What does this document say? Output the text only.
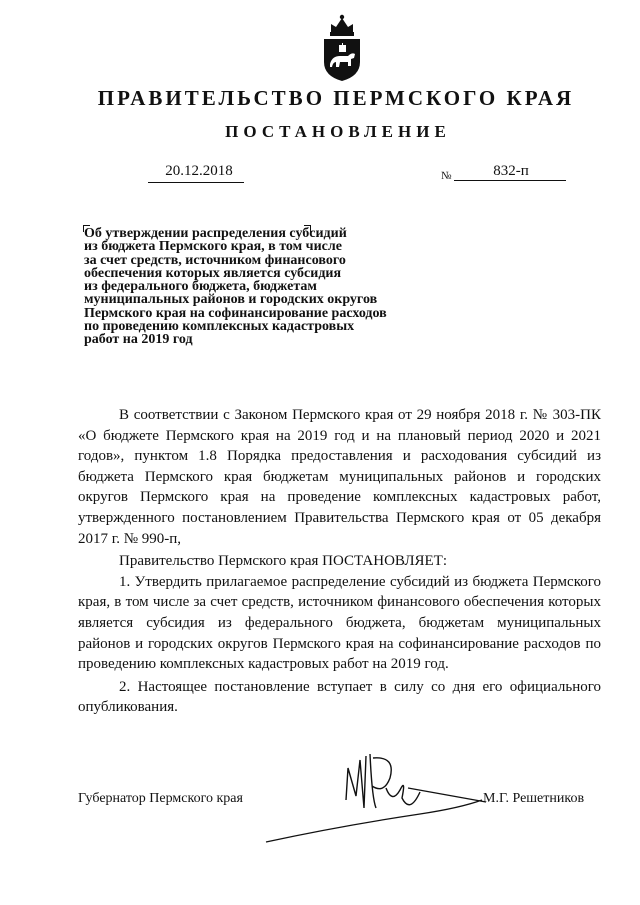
ПРАВИТЕЛЬСТВО ПЕРМСКОГО КРАЯ
ПОСТАНОВЛЕНИЕ
20.12.2018	№	832-п
Об утверждении распределения субсидий
из бюджета Пермского края, в том числе
за счет средств, источником финансового
обеспечения которых является субсидия
из федерального бюджета, бюджетам
муниципальных районов и городских округов
Пермского края на софинансирование расходов
по проведению комплексных кадастровых
работ на 2019 год

В соответствии с Законом Пермского края от 29 ноября 2018 г. № 303-ПК «О бюджете Пермского края на 2019 год и на плановый период 2020 и 2021 годов», пунктом 1.8 Порядка предоставления и расходования субсидий из бюджета Пермского края бюджетам муниципальных районов и городских округов Пермского края на проведение комплексных кадастровых работ, утвержденного постановлением Правительства Пермского края от 05 декабря 2017 г. № 990-п,

Правительство Пермского края ПОСТАНОВЛЯЕТ:

1. Утвердить прилагаемое распределение субсидий из бюджета Пермского края, в том числе за счет средств, источником финансового обеспечения которых является субсидия из федерального бюджета, бюджетам муниципальных районов и городских округов Пермского края на софинансирование расходов по проведению комплексных кадастровых работ на 2019 год.

2. Настоящее постановление вступает в силу со дня его официального опубликования.

Губернатор Пермского края	М.Г. Решетников
